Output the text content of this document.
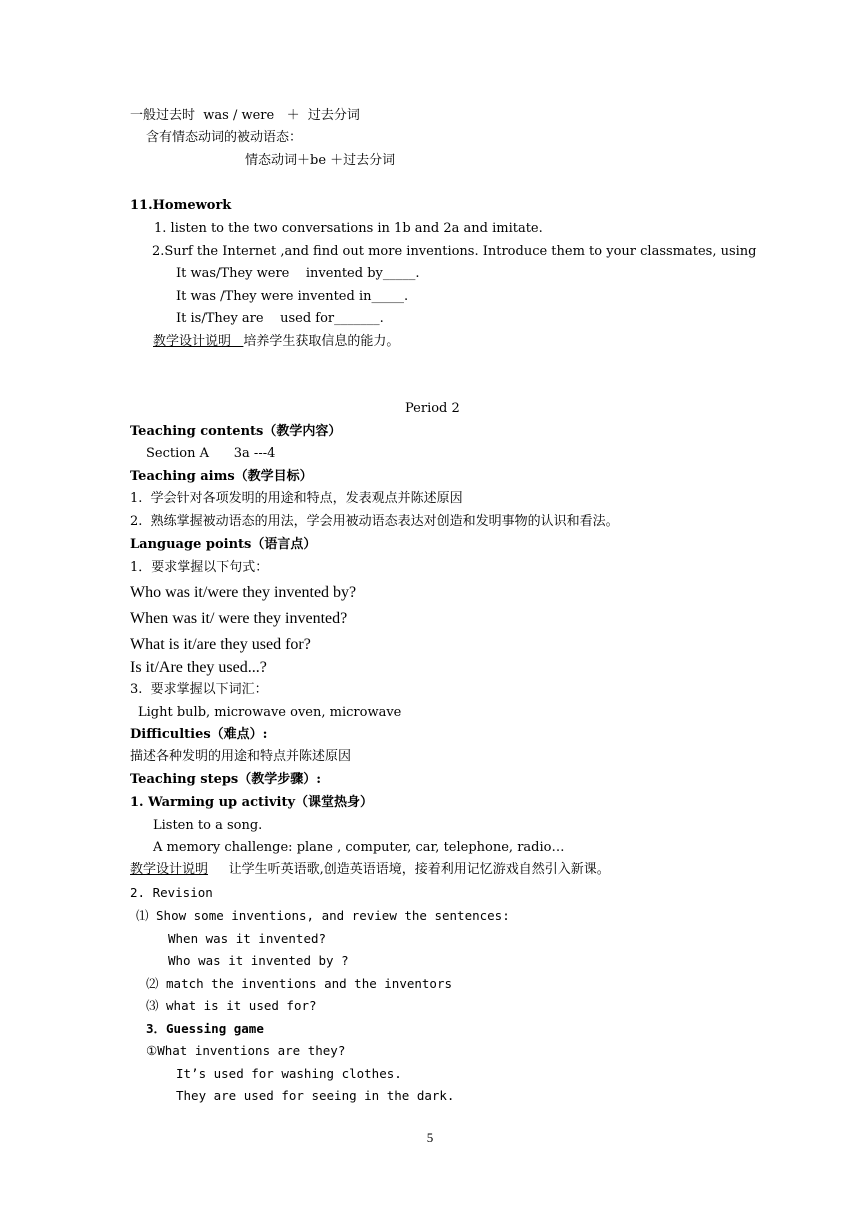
一般过去时  was / were   ＋  过去分词
含有情态动词的被动语态：
情态动词＋be ＋过去分词
11.Homework
1. listen to the two conversations in 1b and 2a and imitate.
2.Surf the Internet ,and find out more inventions. Introduce them to your classmates, using
It was/They were    invented by_____.
It was /They were invented in_____.
It is/They are    used for_______.
教学设计说明   培养学生获取信息的能力。
Period 2
Teaching contents（教学内容）
Section A      3a ---4
Teaching aims（教学目标）
1.  学会针对各项发明的用途和特点，发表观点并陈述原因
2.  熟练掌握被动语态的用法，学会用被动语态表达对创造和发明事物的认识和看法。
Language points（语言点）
1．要求掌握以下句式：
Who was it/were they invented by?
When was it/ were they invented?
What is it/are they used for?
Is it/Are they used...?
3.  要求掌握以下词汇：
Light bulb, microwave oven, microwave
Difficulties（难点）:
描述各种发明的用途和特点并陈述原因
Teaching steps（教学步骤）:
1. Warming up activity（课堂热身）
Listen to a song.
A memory challenge: plane , computer, car, telephone, radio…
教学设计说明     让学生听英语歌,创造英语语境，接着利用记忆游戏自然引入新课。
2. Revision
⑴ Show some inventions, and review the sentences:
When was it invented?
Who was it invented by ?
⑵ match the inventions and the inventors
⑶ what is it used for?
3．Guessing game
①What inventions are they?
It’s used for washing clothes.
They are used for seeing in the dark.
5
